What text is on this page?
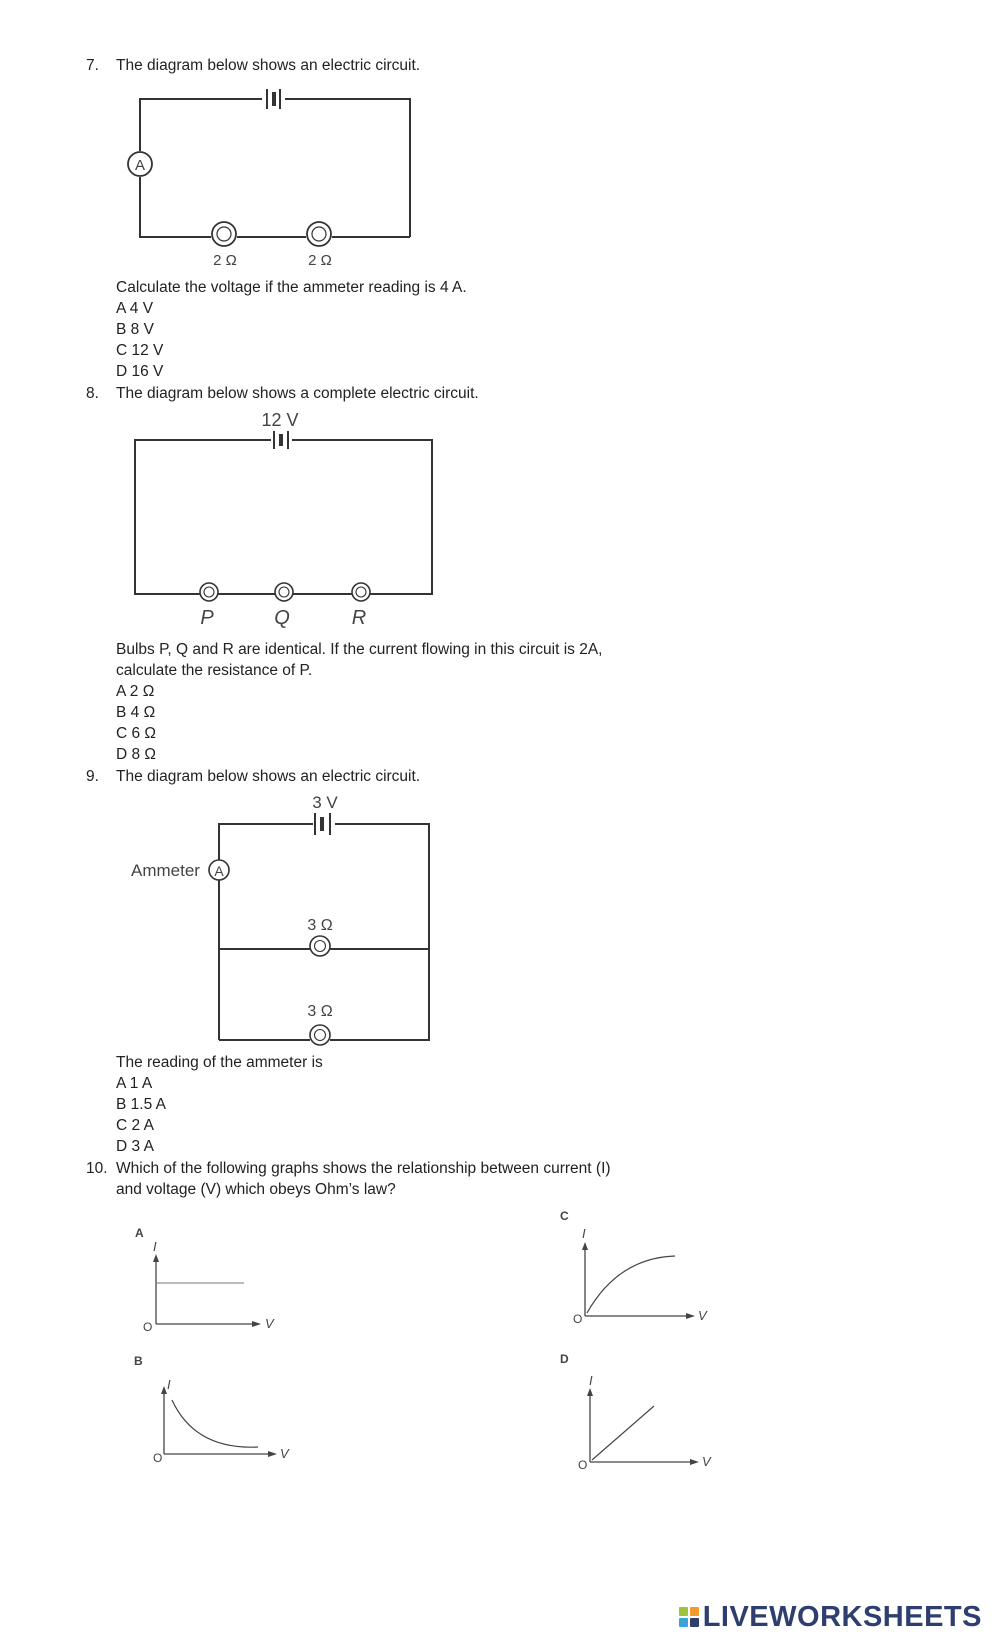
7. The diagram below shows an electric circuit.
A
2 Ω	2 Ω
Calculate the voltage if the ammeter reading is 4 A.
A 4 V
B 8 V
C 12 V
D 16 V
8. The diagram below shows a complete electric circuit.
12 V
P	Q	R
Bulbs P, Q and R are identical. If the current flowing in this circuit is 2A,
calculate the resistance of P.
A 2 Ω
B 4 Ω
C 6 Ω
D 8 Ω
9. The diagram below shows an electric circuit.
3 V
Ammeter A
3 Ω
3 Ω
The reading of the ammeter is
A 1 A
B 1.5 A
C 2 A
D 3 A
10. Which of the following graphs shows the relationship between current (I)
and voltage (V) which obeys Ohm’s law?
A
I
V
O
B
I
V
O
C
I
V
O
D
I
V
O
LIVEWORKSHEETS
